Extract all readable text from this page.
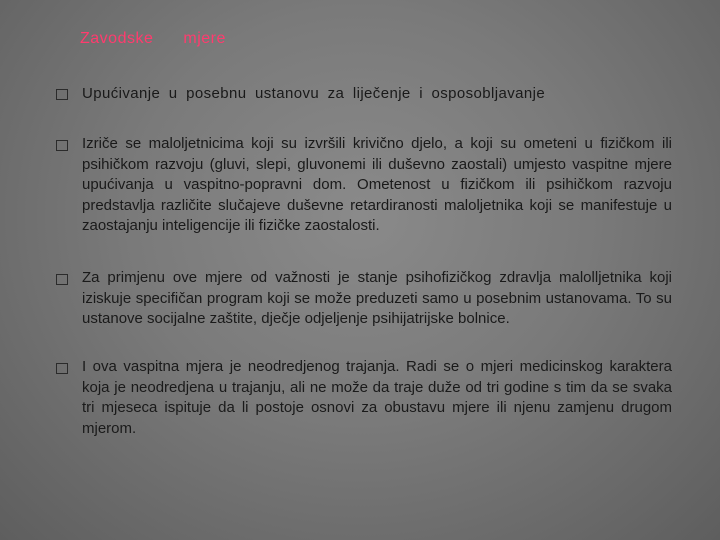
Zavodske mjere
Upućivanje u posebnu ustanovu za liječenje i osposobljavanje
Izriče se maloljetnicima koji su izvršili krivično djelo, a koji su ometeni u fizičkom ili psihičkom razvoju (gluvi, slepi, gluvonemi ili duševno zaostali) umjesto vaspitne mjere upućivanja u vaspitno-popravni dom. Ometenost u fizičkom ili psihičkom razvoju predstavlja različite slučajeve duševne retardiranosti maloljetnika koji se manifestuje u zaostajanju inteligencije ili fizičke zaostalosti.
Za primjenu ove mjere od važnosti je stanje psihofizičkog zdravlja malolljetnika koji iziskuje specifičan program koji se može preduzeti samo u posebnim ustanovama. To su ustanove socijalne zaštite, dječje odjeljenje psihijatrijske bolnice.
I ova vaspitna mjera je neodredjenog trajanja. Radi se o mjeri medicinskog karaktera koja je neodredjena u trajanju, ali ne može da traje duže od tri godine s tim da se svaka tri mjeseca ispituje da li postoje osnovi za obustavu mjere ili njenu zamjenu drugom mjerom.
